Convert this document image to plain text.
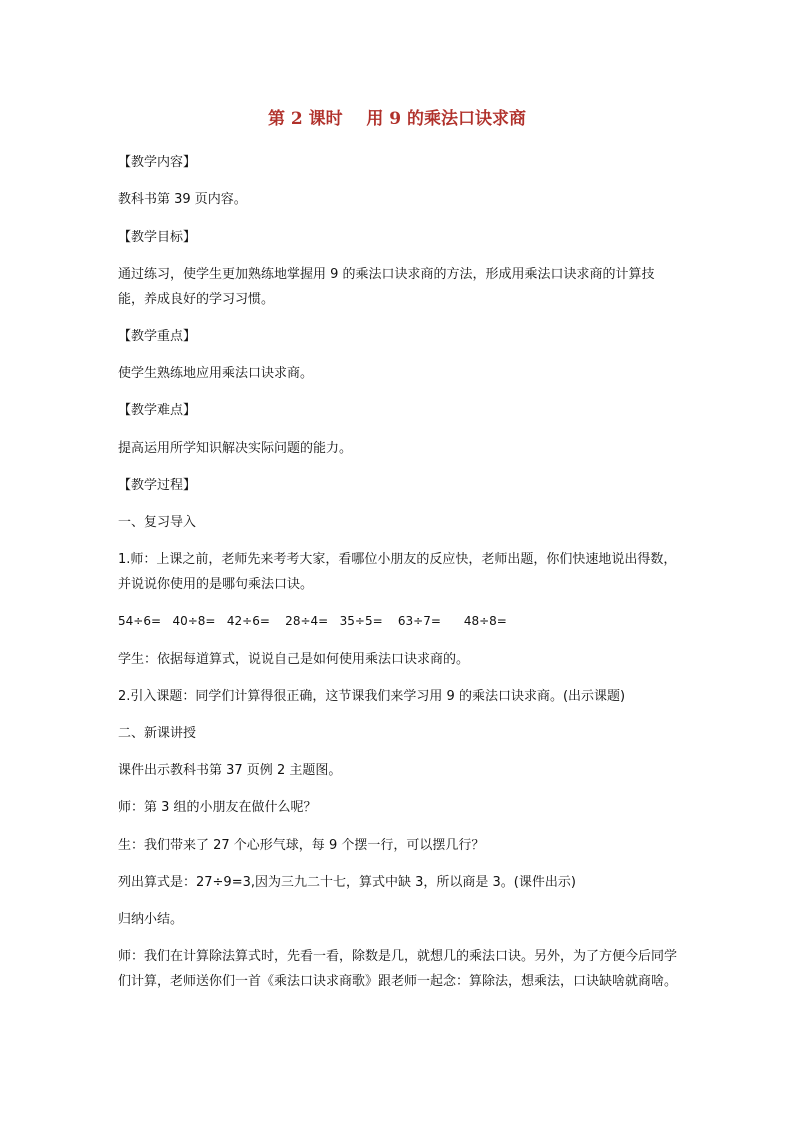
第 2 课时    用 9 的乘法口诀求商
【教学内容】
教科书第 39 页内容。
【教学目标】
通过练习，使学生更加熟练地掌握用 9 的乘法口诀求商的方法，形成用乘法口诀求商的计算技能，养成良好的学习习惯。
【教学重点】
使学生熟练地应用乘法口诀求商。
【教学难点】
提高运用所学知识解决实际问题的能力。
【教学过程】
一、复习导入
1.师：上课之前，老师先来考考大家，看哪位小朋友的反应快，老师出题，你们快速地说出得数，并说说你使用的是哪句乘法口诀。
54÷6=   40÷8=   42÷6=    28÷4=   35÷5=    63÷7=      48÷8=
学生：依据每道算式，说说自己是如何使用乘法口诀求商的。
2.引入课题：同学们计算得很正确，这节课我们来学习用 9 的乘法口诀求商。(出示课题)
二、新课讲授
课件出示教科书第 37 页例 2 主题图。
师：第 3 组的小朋友在做什么呢？
生：我们带来了 27 个心形气球，每 9 个摆一行，可以摆几行？
列出算式是：27÷9=3,因为三九二十七，算式中缺 3，所以商是 3。(课件出示)
归纳小结。
师：我们在计算除法算式时，先看一看，除数是几，就想几的乘法口诀。另外，为了方便今后同学们计算，老师送你们一首《乘法口诀求商歌》跟老师一起念：算除法，想乘法，口诀缺啥就商啥。
